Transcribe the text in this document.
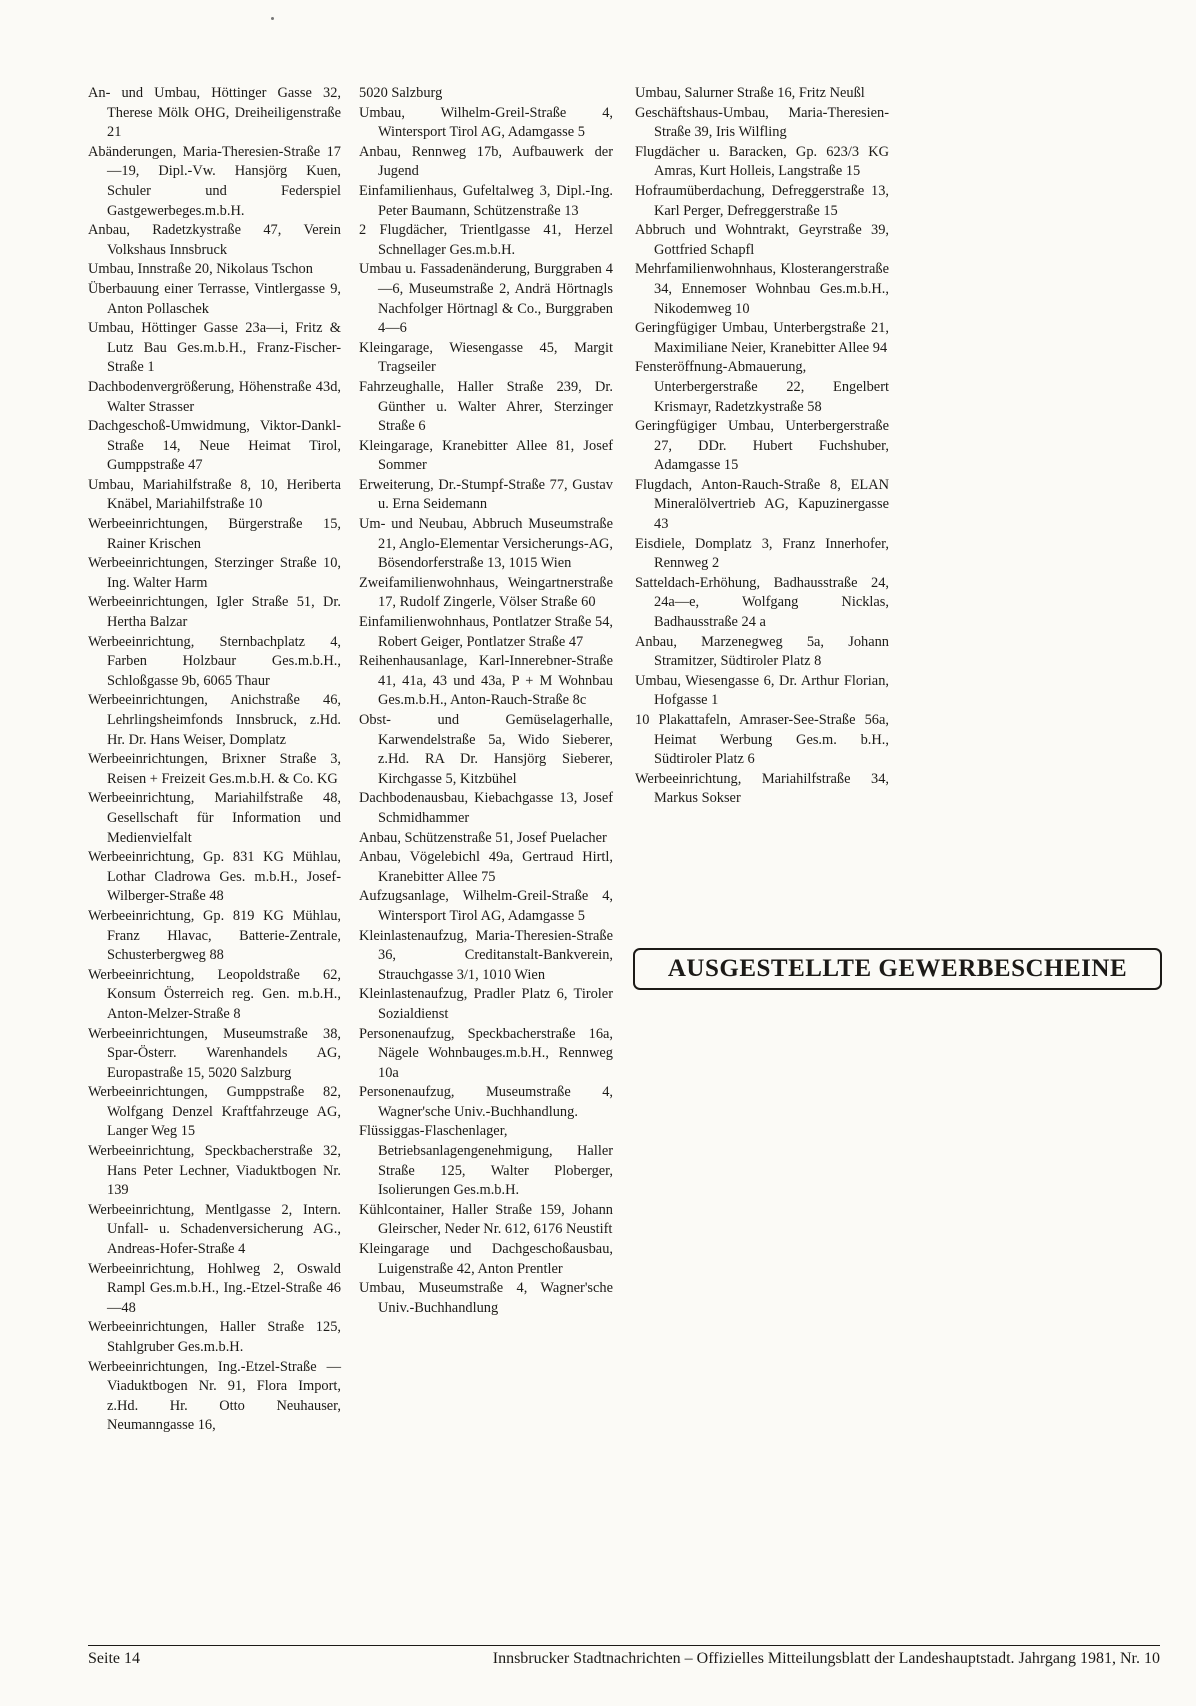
An- und Umbau, Höttinger Gasse 32, Therese Mölk OHG, Dreiheiligenstraße 21

Abänderungen, Maria-Theresien-Straße 17—19, Dipl.-Vw. Hansjörg Kuen, Schuler und Federspiel Gastgewerbeges.m.b.H.

Anbau, Radetzkystraße 47, Verein Volkshaus Innsbruck

Umbau, Innstraße 20, Nikolaus Tschon

Überbauung einer Terrasse, Vintlergasse 9, Anton Pollaschek

Umbau, Höttinger Gasse 23a—i, Fritz & Lutz Bau Ges.m.b.H., Franz-Fischer-Straße 1

Dachbodenvergrößerung, Höhenstraße 43d, Walter Strasser

Dachgeschoß-Umwidmung, Viktor-Dankl-Straße 14, Neue Heimat Tirol, Gumppstraße 47

Umbau, Mariahilfstraße 8, 10, Heriberta Knäbel, Mariahilfstraße 10

Werbeeinrichtungen, Bürgerstraße 15, Rainer Krischen

Werbeeinrichtungen, Sterzinger Straße 10, Ing. Walter Harm

Werbeeinrichtungen, Igler Straße 51, Dr. Hertha Balzar

Werbeeinrichtung, Sternbachplatz 4, Farben Holzbaur Ges.m.b.H., Schloßgasse 9b, 6065 Thaur

Werbeeinrichtungen, Anichstraße 46, Lehrlingsheimfonds Innsbruck, z.Hd. Hr. Dr. Hans Weiser, Domplatz

Werbeeinrichtungen, Brixner Straße 3, Reisen + Freizeit Ges.m.b.H. & Co. KG

Werbeeinrichtung, Mariahilfstraße 48, Gesellschaft für Information und Medienvielfalt

Werbeeinrichtung, Gp. 831 KG Mühlau, Lothar Cladrowa Ges. m.b.H., Josef-Wilberger-Straße 48

Werbeeinrichtung, Gp. 819 KG Mühlau, Franz Hlavac, Batterie-Zentrale, Schusterbergweg 88

Werbeeinrichtung, Leopoldstraße 62, Konsum Österreich reg. Gen. m.b.H., Anton-Melzer-Straße 8

Werbeeinrichtungen, Museumstraße 38, Spar-Österr. Warenhandels AG, Europastraße 15, 5020 Salzburg

Werbeeinrichtungen, Gumppstraße 82, Wolfgang Denzel Kraftfahrzeuge AG, Langer Weg 15

Werbeeinrichtung, Speckbacherstraße 32, Hans Peter Lechner, Viaduktbogen Nr. 139

Werbeeinrichtung, Mentlgasse 2, Intern. Unfall- u. Schadenversicherung AG., Andreas-Hofer-Straße 4

Werbeeinrichtung, Hohlweg 2, Oswald Rampl Ges.m.b.H., Ing.-Etzel-Straße 46—48

Werbeeinrichtungen, Haller Straße 125, Stahlgruber Ges.m.b.H.

Werbeeinrichtungen, Ing.-Etzel-Straße — Viaduktbogen Nr. 91, Flora Import, z.Hd. Hr. Otto Neuhauser, Neumanngasse 16,

5020 Salzburg

Umbau, Wilhelm-Greil-Straße 4, Wintersport Tirol AG, Adamgasse 5

Anbau, Rennweg 17b, Aufbauwerk der Jugend

Einfamilienhaus, Gufeltalweg 3, Dipl.-Ing. Peter Baumann, Schützenstraße 13

2 Flugdächer, Trientlgasse 41, Herzel Schnellager Ges.m.b.H.

Umbau u. Fassadenänderung, Burggraben 4—6, Museumstraße 2, Andrä Hörtnagls Nachfolger Hörtnagl & Co., Burggraben 4—6

Kleingarage, Wiesengasse 45, Margit Tragseiler

Fahrzeughalle, Haller Straße 239, Dr. Günther u. Walter Ahrer, Sterzinger Straße 6

Kleingarage, Kranebitter Allee 81, Josef Sommer

Erweiterung, Dr.-Stumpf-Straße 77, Gustav u. Erna Seidemann

Um- und Neubau, Abbruch Museumstraße 21, Anglo-Elementar Versicherungs-AG, Bösendorferstraße 13, 1015 Wien

Zweifamilienwohnhaus, Weingartnerstraße 17, Rudolf Zingerle, Völser Straße 60

Einfamilienwohnhaus, Pontlatzer Straße 54, Robert Geiger, Pontlatzer Straße 47

Reihenhausanlage, Karl-Innerebner-Straße 41, 41a, 43 und 43a, P + M Wohnbau Ges.m.b.H., Anton-Rauch-Straße 8c

Obst- und Gemüselagerhalle, Karwendelstraße 5a, Wido Sieberer, z.Hd. RA Dr. Hansjörg Sieberer, Kirchgasse 5, Kitzbühel

Dachbodenausbau, Kiebachgasse 13, Josef Schmidhammer

Anbau, Schützenstraße 51, Josef Puelacher

Anbau, Vögelebichl 49a, Gertraud Hirtl, Kranebitter Allee 75

Aufzugsanlage, Wilhelm-Greil-Straße 4, Wintersport Tirol AG, Adamgasse 5

Kleinlastenaufzug, Maria-Theresien-Straße 36, Creditanstalt-Bankverein, Strauchgasse 3/1, 1010 Wien

Kleinlastenaufzug, Pradler Platz 6, Tiroler Sozialdienst

Personenaufzug, Speckbacherstraße 16a, Nägele Wohnbauges.m.b.H., Rennweg 10a

Personenaufzug, Museumstraße 4, Wagner'sche Univ.-Buchhandlung.

Flüssiggas-Flaschenlager, Betriebsanlagengenehmigung, Haller Straße 125, Walter Ploberger, Isolierungen Ges.m.b.H.

Kühlcontainer, Haller Straße 159, Johann Gleirscher, Neder Nr. 612, 6176 Neustift

Kleingarage und Dachgeschoßausbau, Luigenstraße 42, Anton Prentler

Umbau, Museumstraße 4, Wagner'sche Univ.-Buchhandlung

Umbau, Salurner Straße 16, Fritz Neußl

Geschäftshaus-Umbau, Maria-Theresien-Straße 39, Iris Wilfling

Flugdächer u. Baracken, Gp. 623/3 KG Amras, Kurt Holleis, Langstraße 15

Hofraumüberdachung, Defreggerstraße 13, Karl Perger, Defreggerstraße 15

Abbruch und Wohntrakt, Geyrstraße 39, Gottfried Schapfl

Mehrfamilienwohnhaus, Klosterangerstraße 34, Ennemoser Wohnbau Ges.m.b.H., Nikodemweg 10

Geringfügiger Umbau, Unterbergstraße 21, Maximiliane Neier, Kranebitter Allee 94

Fensteröffnung-Abmauerung, Unterbergerstraße 22, Engelbert Krismayr, Radetzkystraße 58

Geringfügiger Umbau, Unterbergerstraße 27, DDr. Hubert Fuchshuber, Adamgasse 15

Flugdach, Anton-Rauch-Straße 8, ELAN Mineralölvertrieb AG, Kapuzinergasse 43

Eisdiele, Domplatz 3, Franz Innerhofer, Rennweg 2

Satteldach-Erhöhung, Badhausstraße 24, 24a—e, Wolfgang Nicklas, Badhausstraße 24 a

Anbau, Marzenegweg 5a, Johann Stramitzer, Südtiroler Platz 8

Umbau, Wiesengasse 6, Dr. Arthur Florian, Hofgasse 1

10 Plakattafeln, Amraser-See-Straße 56a, Heimat Werbung Ges.m. b.H., Südtiroler Platz 6

Werbeeinrichtung, Mariahilfstraße 34, Markus Sokser

AUSGESTELLTE GEWERBESCHEINE
Seite 14	Innsbrucker Stadtnachrichten – Offizielles Mitteilungsblatt der Landeshauptstadt. Jahrgang 1981, Nr. 10
